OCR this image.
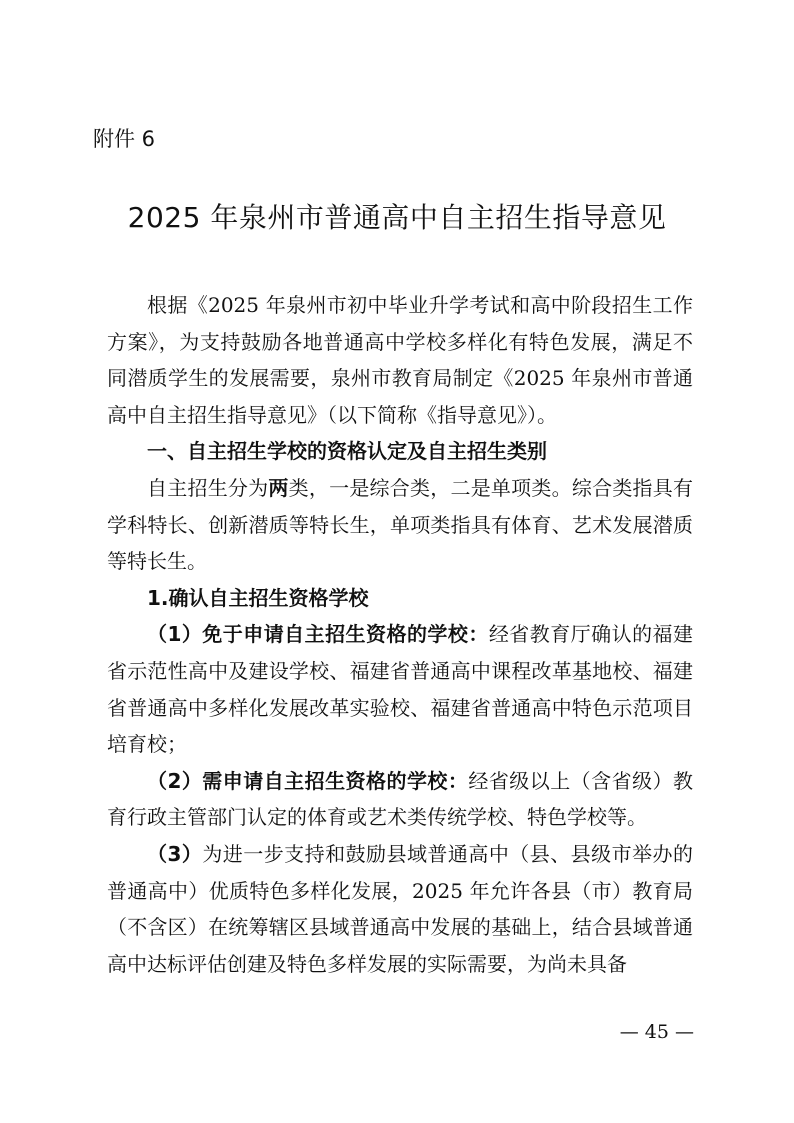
附件 6
2025 年泉州市普通高中自主招生指导意见

根据《2025 年泉州市初中毕业升学考试和高中阶段招生工作方案》，为支持鼓励各地普通高中学校多样化有特色发展，满足不同潜质学生的发展需要，泉州市教育局制定《2025 年泉州市普通高中自主招生指导意见》（以下简称《指导意见》）。

一、自主招生学校的资格认定及自主招生类别

自主招生分为两类，一是综合类，二是单项类。综合类指具有学科特长、创新潜质等特长生，单项类指具有体育、艺术发展潜质等特长生。

1.确认自主招生资格学校

（1）免于申请自主招生资格的学校：经省教育厅确认的福建省示范性高中及建设学校、福建省普通高中课程改革基地校、福建省普通高中多样化发展改革实验校、福建省普通高中特色示范项目培育校；

（2）需申请自主招生资格的学校：经省级以上（含省级）教育行政主管部门认定的体育或艺术类传统学校、特色学校等。

（3）为进一步支持和鼓励县域普通高中（县、县级市举办的普通高中）优质特色多样化发展，2025 年允许各县（市）教育局（不含区）在统筹辖区县域普通高中发展的基础上，结合县域普通高中达标评估创建及特色多样发展的实际需要，为尚未具备

— 45 —
